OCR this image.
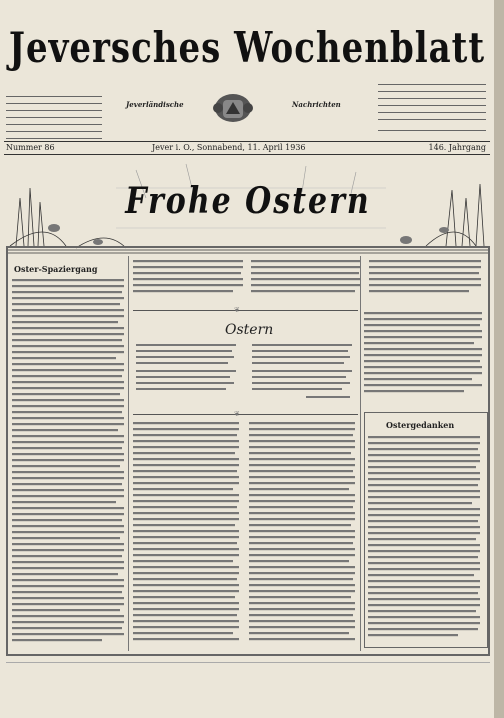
Jeversches Wochenblatt
Jeverländische	Nachrichten
Nummer 86	Jever i. O., Sonnabend, 11. April 1936	146. Jahrgang
Frohe Ostern
Oster-Spaziergang
❦
Ostern
❦
Ostergedanken
